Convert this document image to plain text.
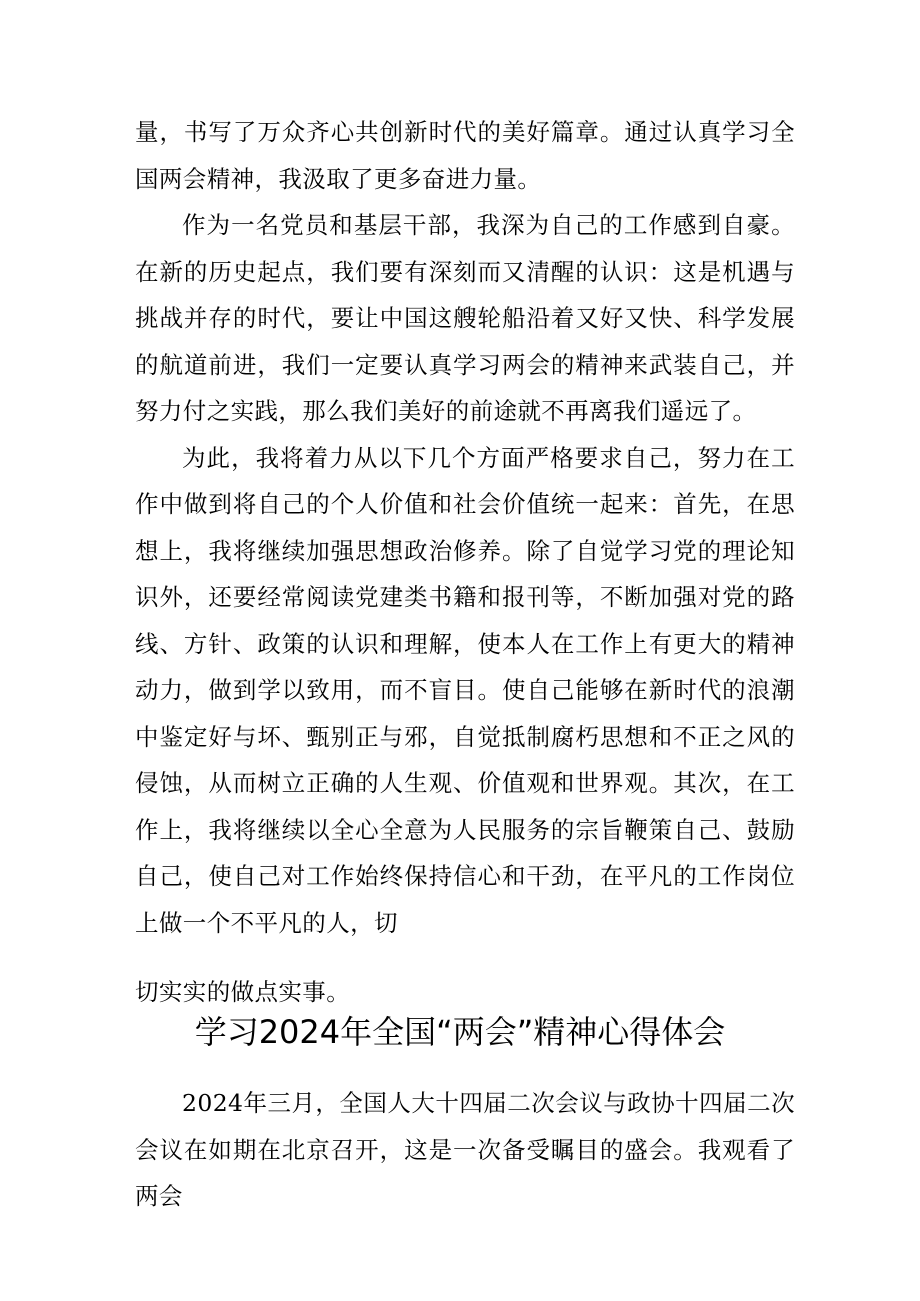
量，书写了万众齐心共创新时代的美好篇章。通过认真学习全国两会精神，我汲取了更多奋进力量。

作为一名党员和基层干部，我深为自己的工作感到自豪。在新的历史起点，我们要有深刻而又清醒的认识：这是机遇与挑战并存的时代，要让中国这艘轮船沿着又好又快、科学发展的航道前进，我们一定要认真学习两会的精神来武装自己，并努力付之实践，那么我们美好的前途就不再离我们遥远了。

为此，我将着力从以下几个方面严格要求自己，努力在工作中做到将自己的个人价值和社会价值统一起来：首先，在思想上，我将继续加强思想政治修养。除了自觉学习党的理论知识外，还要经常阅读党建类书籍和报刊等，不断加强对党的路线、方针、政策的认识和理解，使本人在工作上有更大的精神动力，做到学以致用，而不盲目。使自己能够在新时代的浪潮中鉴定好与坏、甄别正与邪，自觉抵制腐朽思想和不正之风的侵蚀，从而树立正确的人生观、价值观和世界观。其次，在工作上，我将继续以全心全意为人民服务的宗旨鞭策自己、鼓励自己，使自己对工作始终保持信心和干劲，在平凡的工作岗位上做一个不平凡的人，切

切实实的做点实事。

学习2024年全国“两会”精神心得体会

2024年三月，全国人大十四届二次会议与政协十四届二次会议在如期在北京召开，这是一次备受瞩目的盛会。我观看了两会
